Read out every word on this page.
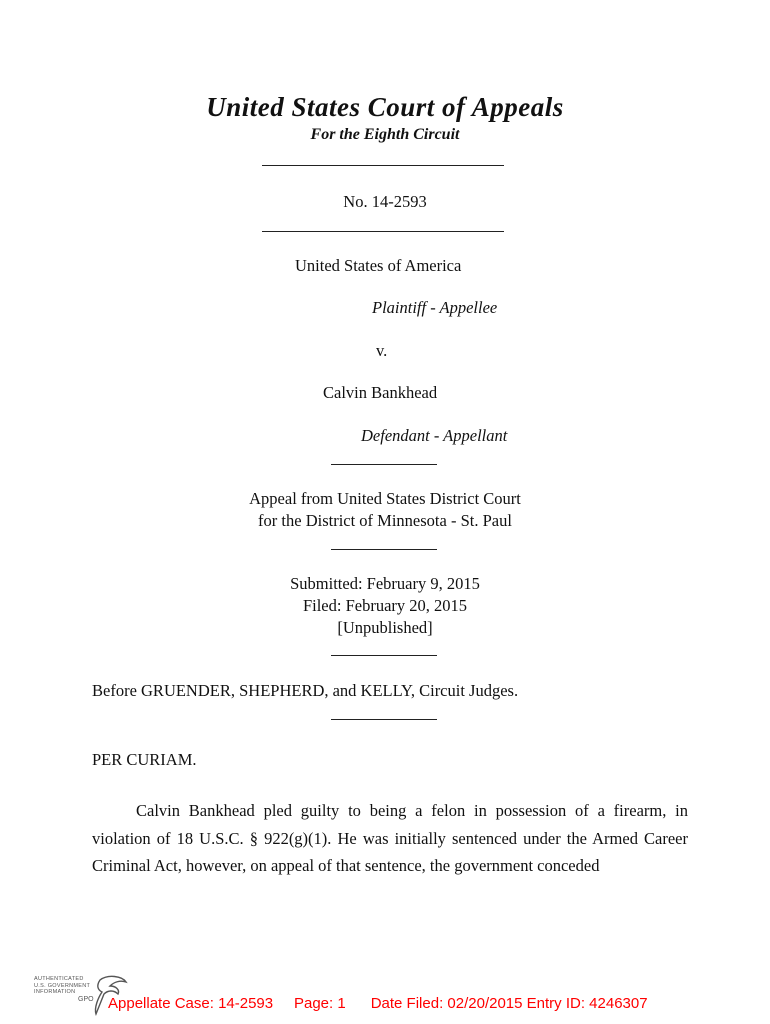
United States Court of Appeals
For the Eighth Circuit
No. 14-2593
United States of America
Plaintiff - Appellee
v.
Calvin Bankhead
Defendant - Appellant
Appeal from United States District Court
for the District of Minnesota - St. Paul
Submitted: February 9, 2015
Filed: February 20, 2015
[Unpublished]
Before GRUENDER, SHEPHERD, and KELLY, Circuit Judges.
PER CURIAM.
Calvin Bankhead pled guilty to being a felon in possession of a firearm, in violation of 18 U.S.C. § 922(g)(1). He was initially sentenced under the Armed Career Criminal Act, however, on appeal of that sentence, the government conceded
AUTHENTICATED
U.S. GOVERNMENT
INFORMATION
GPO Appellate Case: 14-2593 Page: 1 Date Filed: 02/20/2015 Entry ID: 4246307
